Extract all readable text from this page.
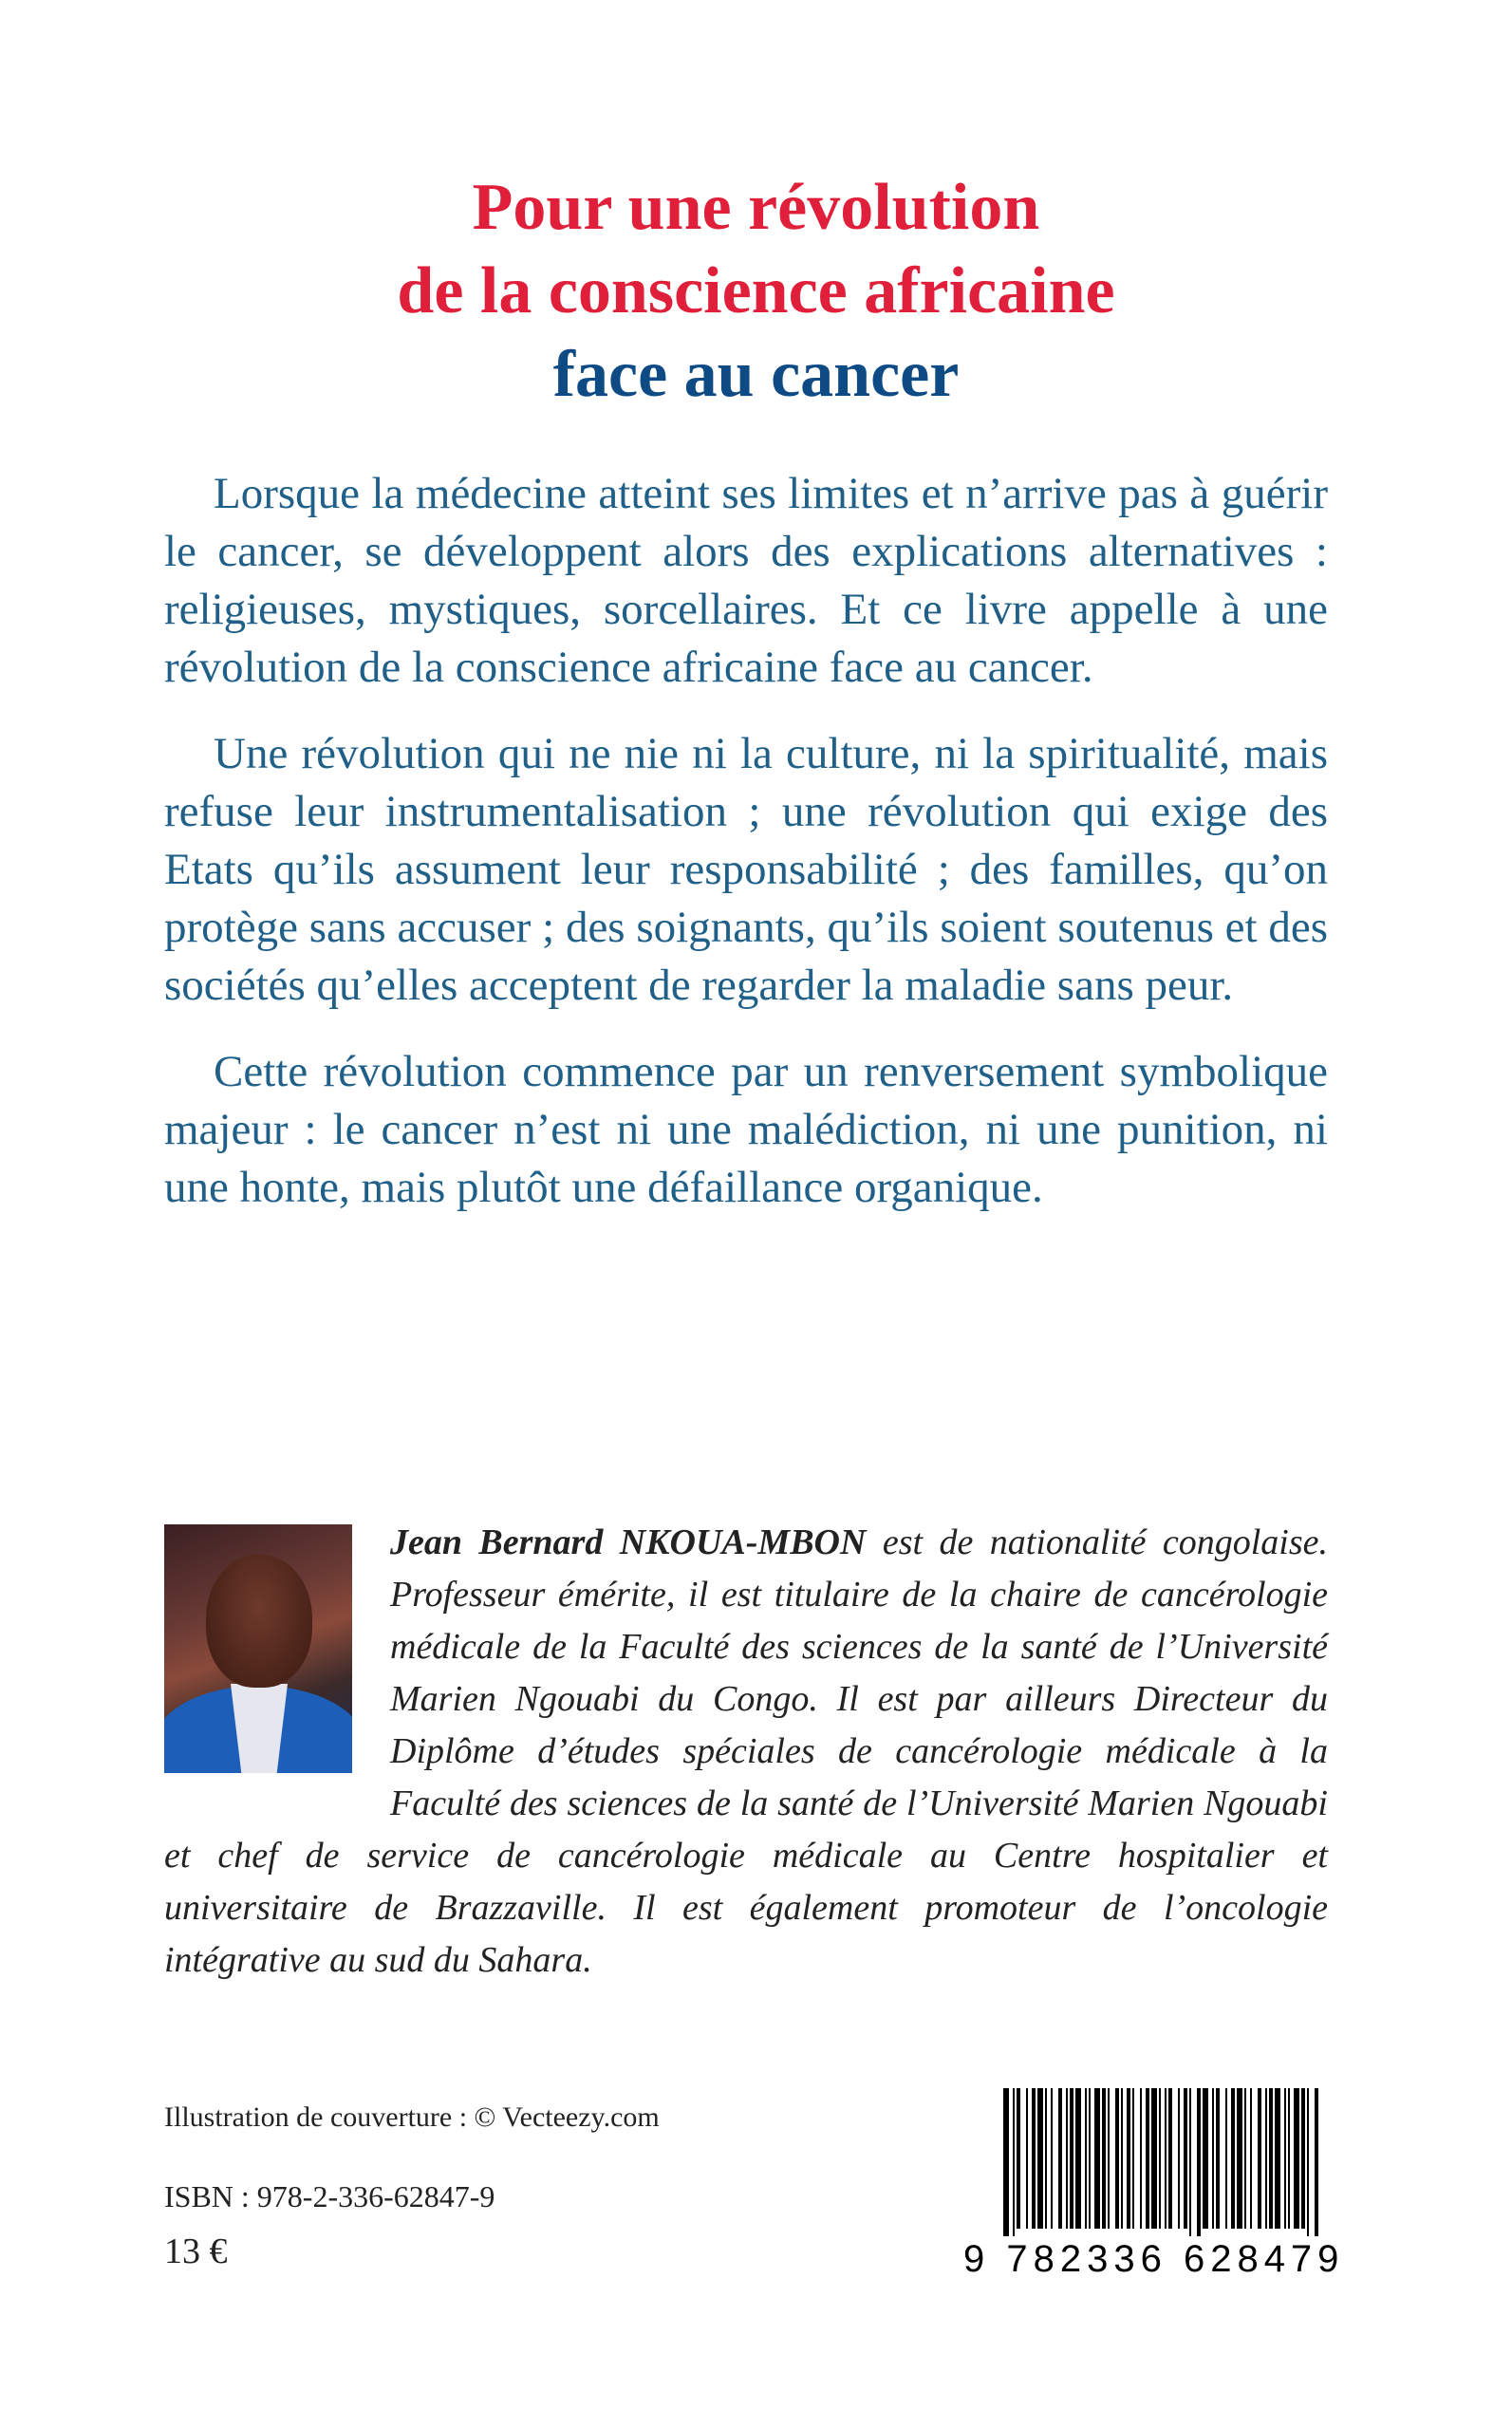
Pour une révolution
de la conscience africaine
face au cancer

Lorsque la médecine atteint ses limites et n’arrive pas à guérir le cancer, se développent alors des explications alternatives : religieuses, mystiques, sorcellaires. Et ce livre appelle à une révolution de la conscience africaine face au cancer.

Une révolution qui ne nie ni la culture, ni la spiritualité, mais refuse leur instrumentalisation ; une révolution qui exige des Etats qu’ils assument leur responsabilité ; des familles, qu’on protège sans accuser ; des soignants, qu’ils soient soutenus et des sociétés qu’elles acceptent de regarder la maladie sans peur.

Cette révolution commence par un renversement symbolique majeur : le cancer n’est ni une malédiction, ni une punition, ni une honte, mais plutôt une défaillance organique.

Jean Bernard NKOUA-MBON est de nationalité congolaise. Professeur émérite, il est titulaire de la chaire de cancérologie médicale de la Faculté des sciences de la santé de l’Université Marien Ngouabi du Congo. Il est par ailleurs Directeur du Diplôme d’études spéciales de cancérologie médicale à la Faculté des sciences de la santé de l’Université Marien Ngouabi et chef de service de cancérologie médicale au Centre hospitalier et universitaire de Brazzaville. Il est également promoteur de l’oncologie intégrative au sud du Sahara.
Illustration de couverture : © Vecteezy.com
ISBN : 978-2-336-62847-9
13 €	9 782336 628479
